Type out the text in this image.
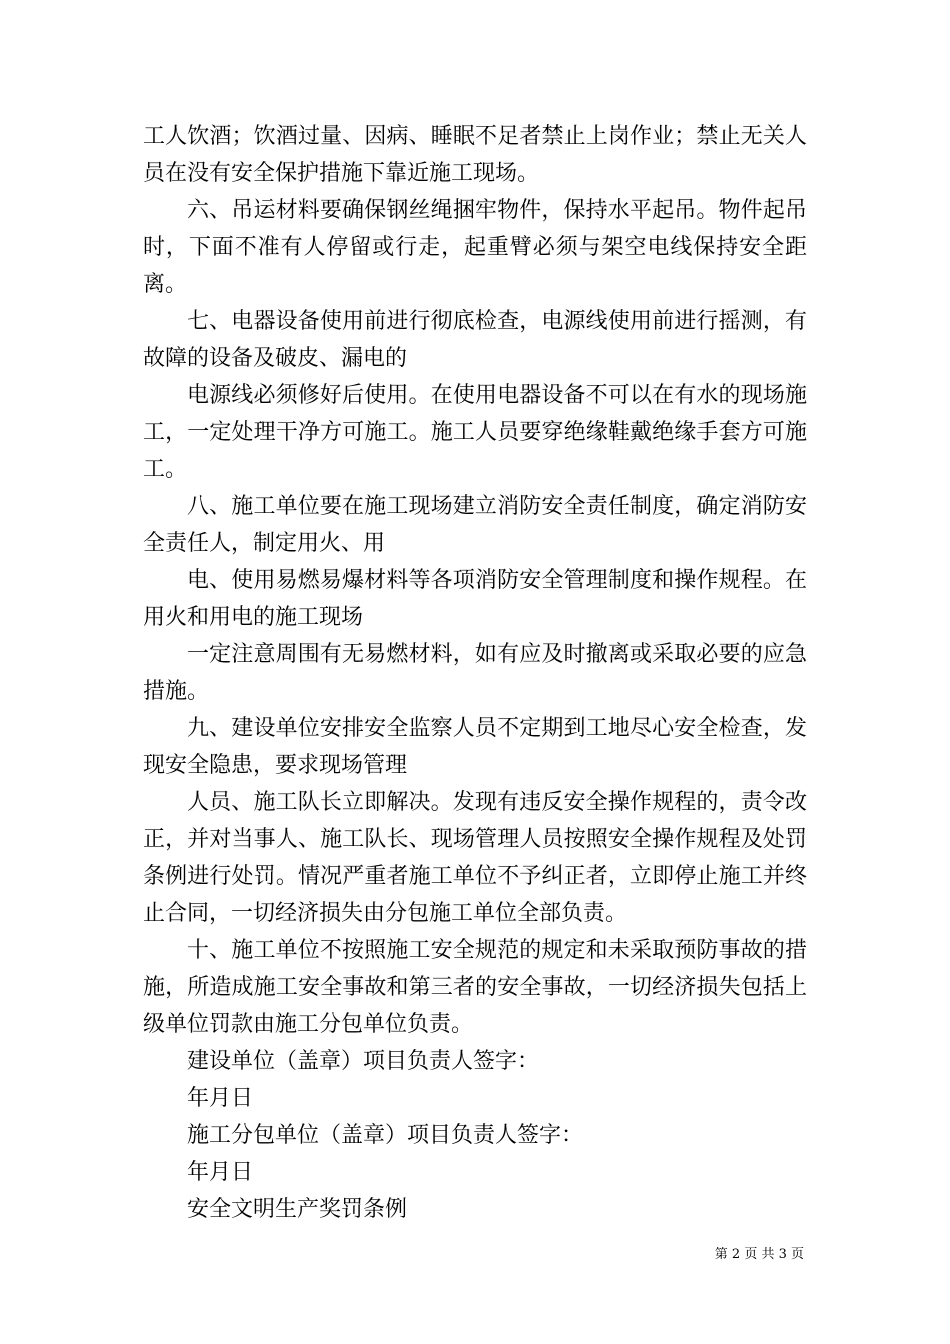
工人饮酒；饮酒过量、因病、睡眠不足者禁止上岗作业；禁止无关人员在没有安全保护措施下靠近施工现场。

六、吊运材料要确保钢丝绳捆牢物件，保持水平起吊。物件起吊时，下面不准有人停留或行走，起重臂必须与架空电线保持安全距离。

七、电器设备使用前进行彻底检查，电源线使用前进行摇测，有故障的设备及破皮、漏电的

电源线必须修好后使用。在使用电器设备不可以在有水的现场施工，一定处理干净方可施工。施工人员要穿绝缘鞋戴绝缘手套方可施工。

八、施工单位要在施工现场建立消防安全责任制度，确定消防安全责任人，制定用火、用

电、使用易燃易爆材料等各项消防安全管理制度和操作规程。在用火和用电的施工现场

一定注意周围有无易燃材料，如有应及时撤离或采取必要的应急措施。

九、建设单位安排安全监察人员不定期到工地尽心安全检查，发现安全隐患，要求现场管理

人员、施工队长立即解决。发现有违反安全操作规程的，责令改正，并对当事人、施工队长、现场管理人员按照安全操作规程及处罚条例进行处罚。情况严重者施工单位不予纠正者，立即停止施工并终止合同，一切经济损失由分包施工单位全部负责。

十、施工单位不按照施工安全规范的规定和未采取预防事故的措施，所造成施工安全事故和第三者的安全事故，一切经济损失包括上级单位罚款由施工分包单位负责。

建设单位（盖章）项目负责人签字：

年月日

施工分包单位（盖章）项目负责人签字：

年月日

安全文明生产奖罚条例

第 2 页 共 3 页
